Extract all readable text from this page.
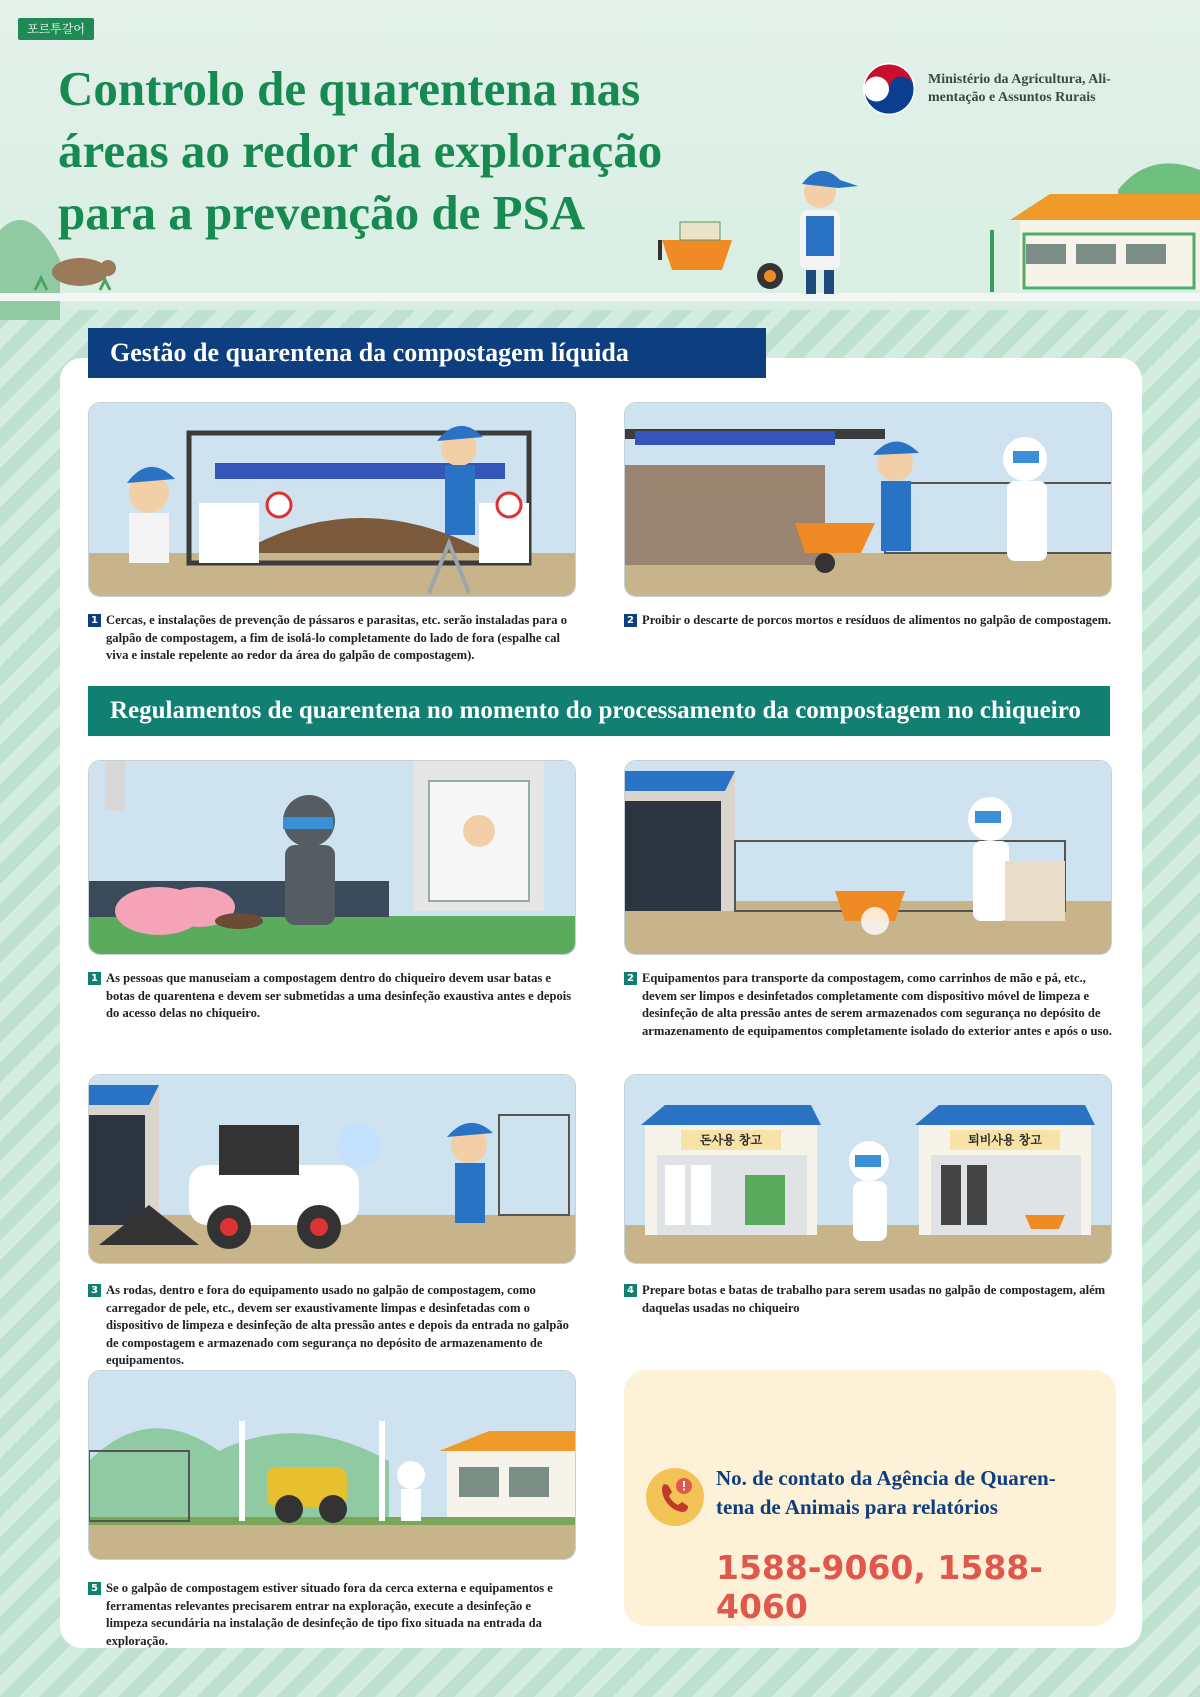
포르투갈어
Controlo de quarentena nas
áreas ao redor da exploração
para a prevenção de PSA
Ministério da Agricultura, Ali-
mentação e Assuntos Rurais
Gestão de quarentena da compostagem líquida
1 Cercas, e instalações de prevenção de pássaros e parasitas, etc. serão instaladas para o galpão de compostagem, a fim de isolá-lo completamente do lado de fora (espalhe cal viva e instale repelente ao redor da área do galpão de compostagem).
2 Proibir o descarte de porcos mortos e resíduos de alimentos no galpão de compostagem.
Regulamentos de quarentena no momento do processamento da compostagem no chiqueiro
1 As pessoas que manuseiam a compostagem dentro do chiqueiro devem usar batas e botas de quarentena e devem ser submetidas a uma desinfeção exaustiva antes e depois do acesso delas no chiqueiro.
2 Equipamentos para transporte da compostagem, como carrinhos de mão e pá, etc., devem ser limpos e desinfetados completamente com dispositivo móvel de limpeza e desinfeção de alta pressão antes de serem armazenados com segurança no depósito de armazenamento de equipamentos completamente isolado do exterior antes e após o uso.
돈사용 창고	퇴비사용 창고
3 As rodas, dentro e fora do equipamento usado no galpão de compostagem, como carregador de pele, etc., devem ser exaustivamente limpas e desinfetadas com o dispositivo de limpeza e desinfeção de alta pressão antes e depois da entrada no galpão de compostagem e armazenado com segurança no depósito de armazenamento de equipamentos.
4 Prepare botas e batas de trabalho para serem usadas no galpão de compostagem, além daquelas usadas no chiqueiro
5 Se o galpão de compostagem estiver situado fora da cerca externa e equipamentos e ferramentas relevantes precisarem entrar na exploração, execute a desinfeção e limpeza secundária na instalação de desinfeção de tipo fixo situada na entrada da exploração.
No. de contato da Agência de Quaren-
tena de Animais para relatórios
1588-9060, 1588-4060
